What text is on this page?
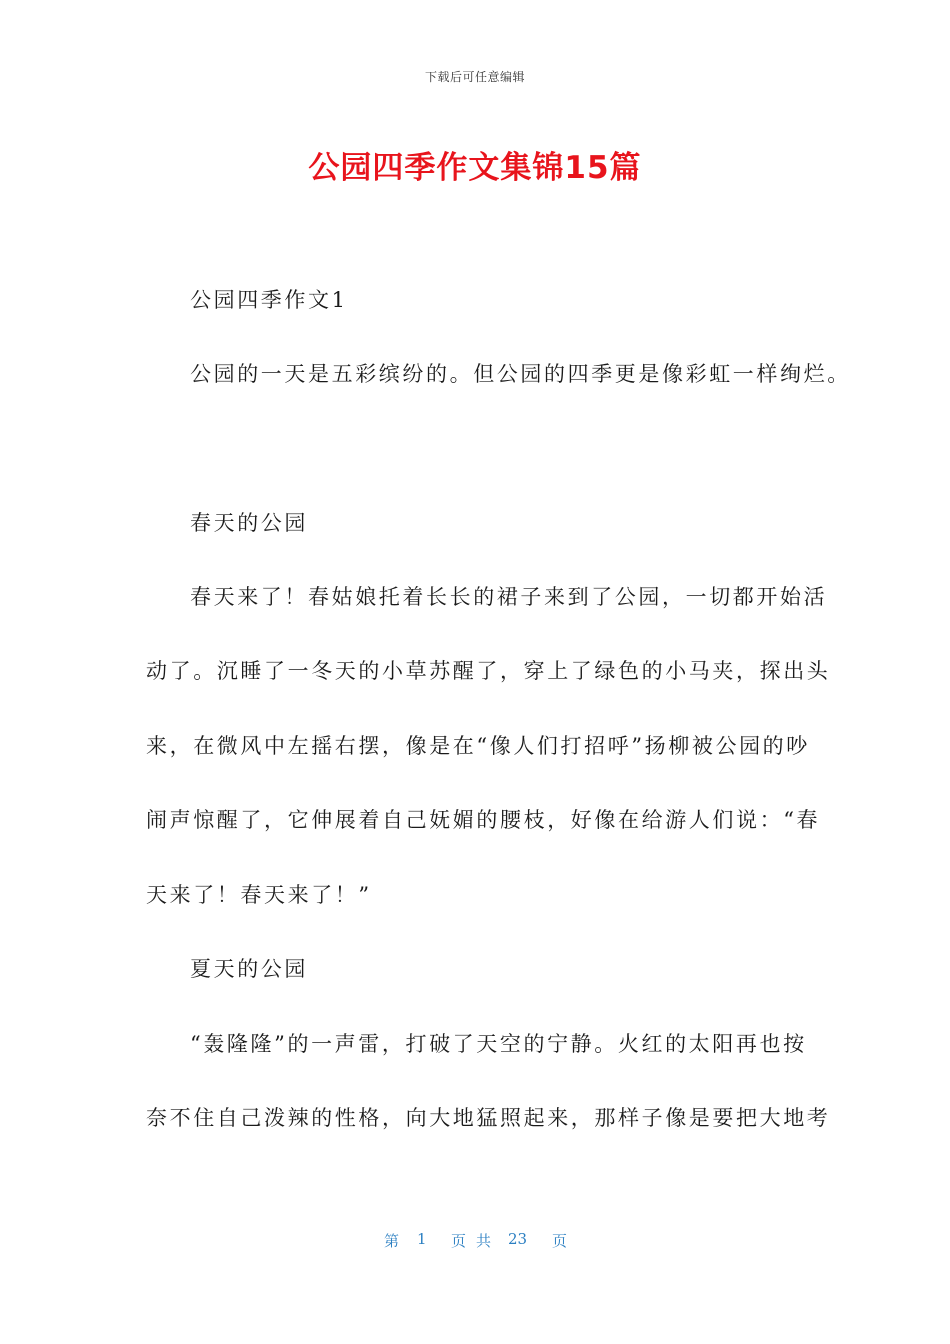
下载后可任意编辑
公园四季作文集锦15篇
公园四季作文1
公园的一天是五彩缤纷的。但公园的四季更是像彩虹一样绚烂。
春天的公园
春天来了！春姑娘托着长长的裙子来到了公园，一切都开始活
动了。沉睡了一冬天的小草苏醒了，穿上了绿色的小马夹，探出头
来，在微风中左摇右摆，像是在“像人们打招呼”扬柳被公园的吵
闹声惊醒了，它伸展着自己妩媚的腰枝，好像在给游人们说：“春
天来了！春天来了！”
夏天的公园
“轰隆隆”的一声雷，打破了天空的宁静。火红的太阳再也按
奈不住自己泼辣的性格，向大地猛照起来，那样子像是要把大地考
第 1 页 共 23 页
